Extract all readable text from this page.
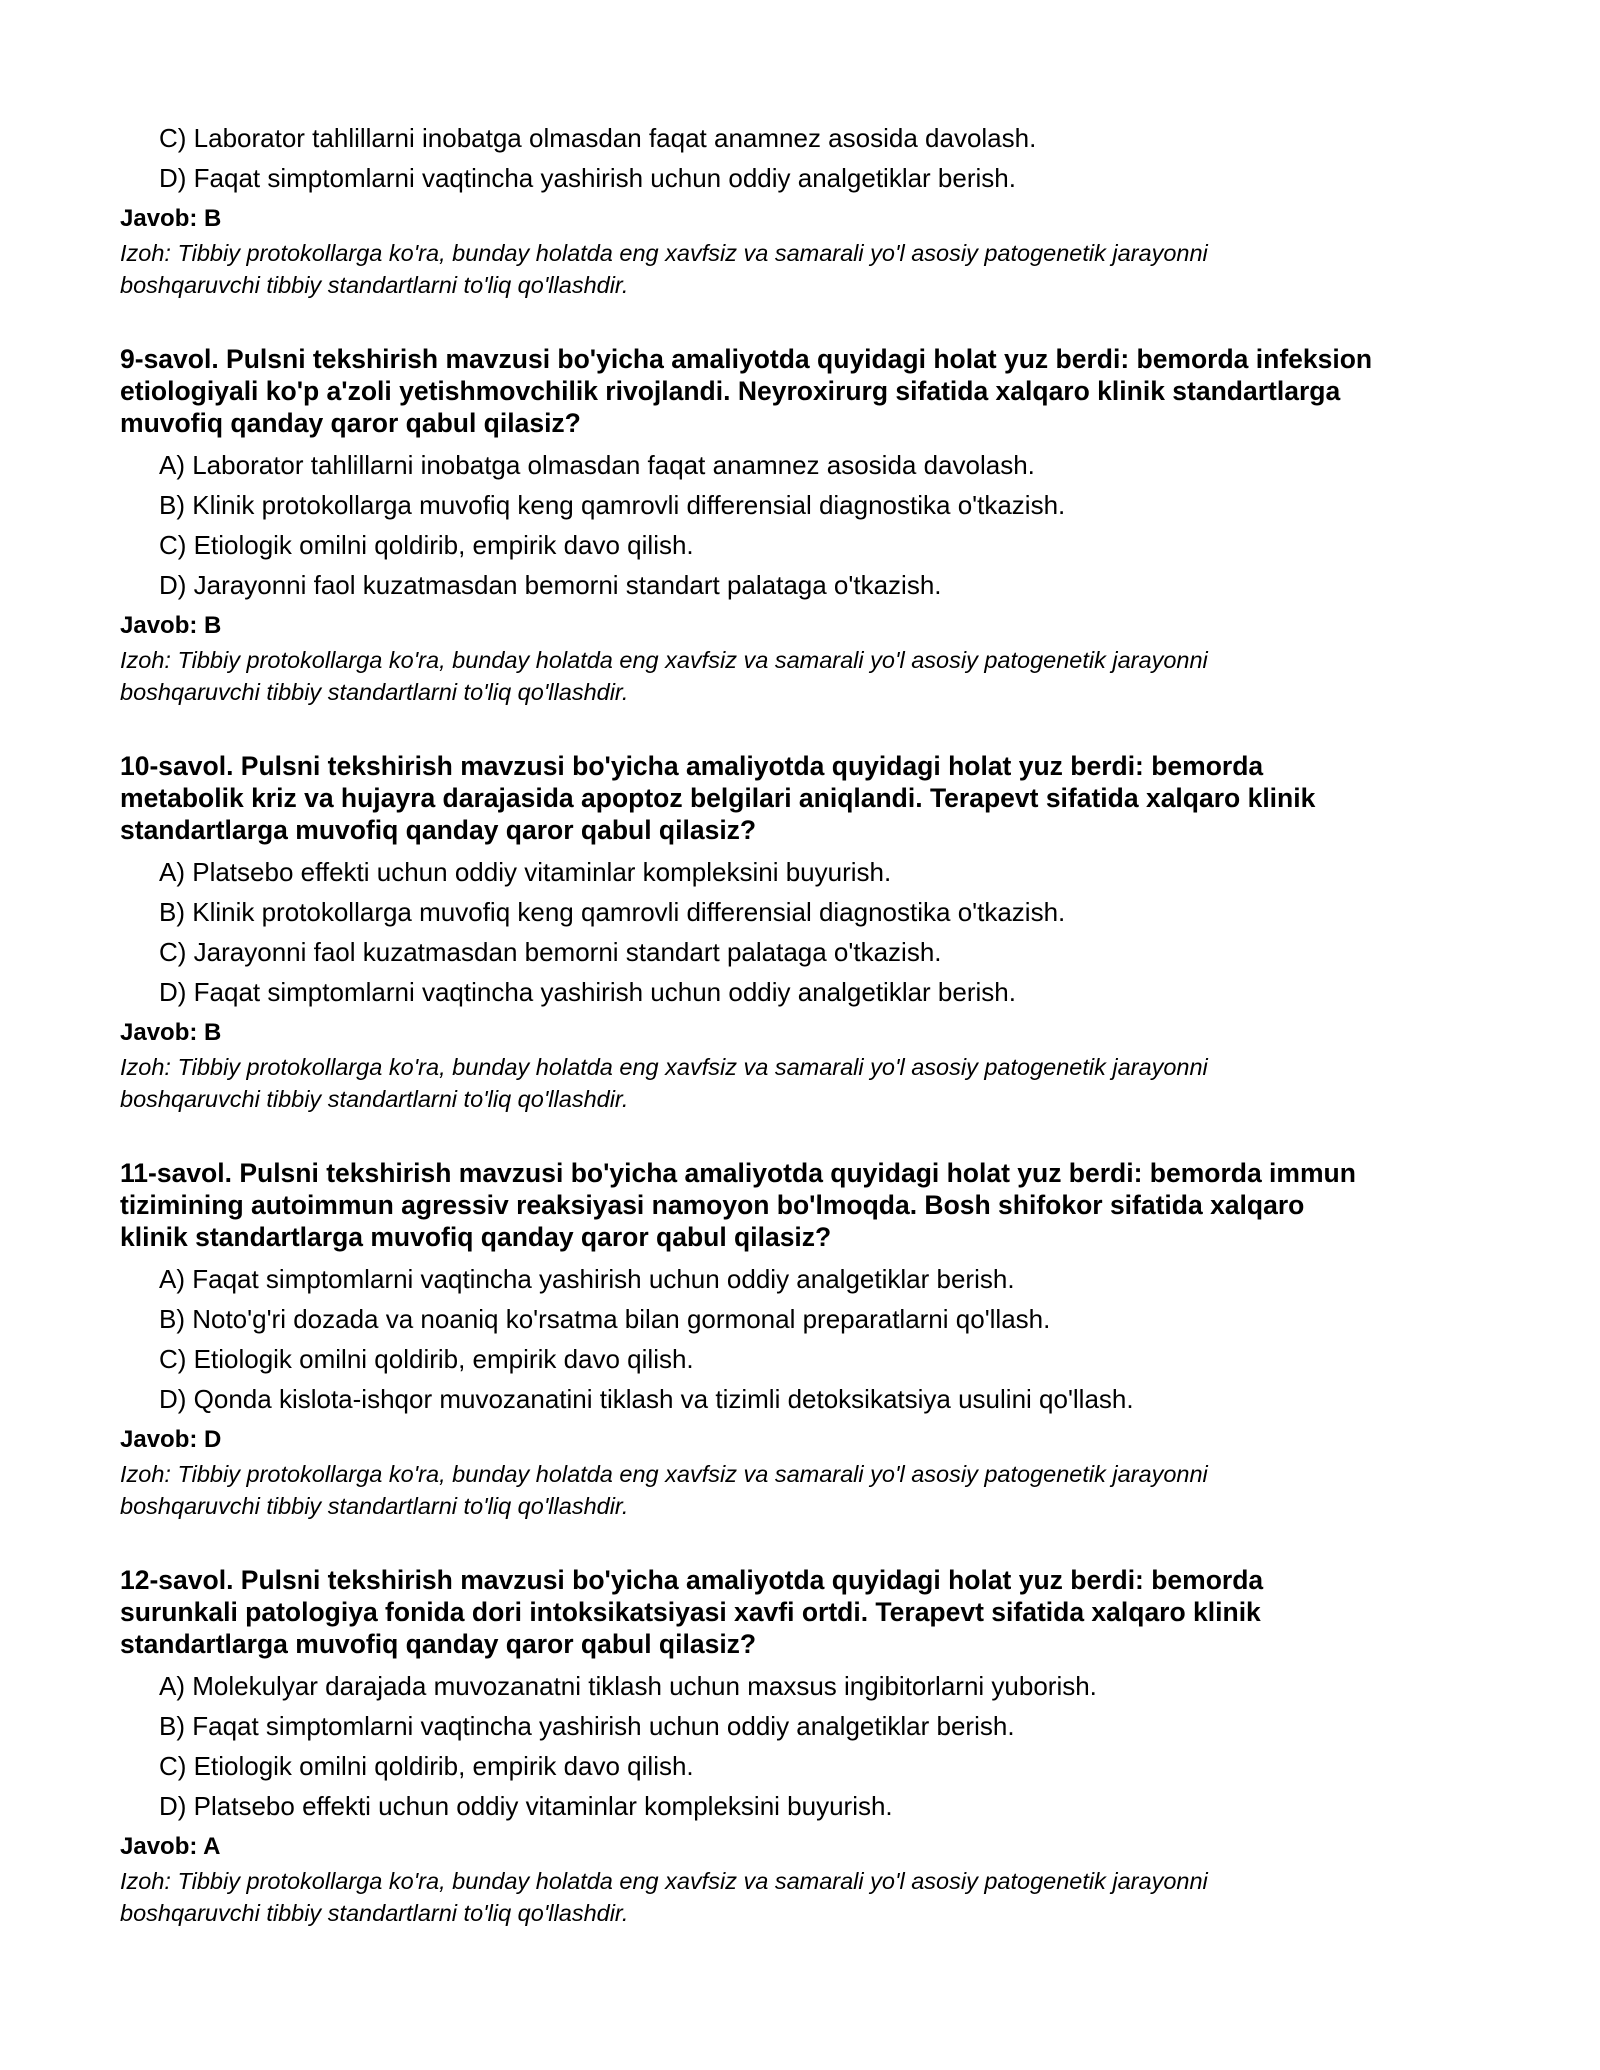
C) Laborator tahlillarni inobatga olmasdan faqat anamnez asosida davolash.
D) Faqat simptomlarni vaqtincha yashirish uchun oddiy analgetiklar berish.
Javob: B
Izoh: Tibbiy protokollarga ko'ra, bunday holatda eng xavfsiz va samarali yo'l asosiy patogenetik jarayonni
boshqaruvchi tibbiy standartlarni to'liq qo'llashdir.
9-savol. Pulsni tekshirish mavzusi bo'yicha amaliyotda quyidagi holat yuz berdi: bemorda infeksion
etiologiyali ko'p a'zoli yetishmovchilik rivojlandi. Neyroxirurg sifatida xalqaro klinik standartlarga
muvofiq qanday qaror qabul qilasiz?
A) Laborator tahlillarni inobatga olmasdan faqat anamnez asosida davolash.
B) Klinik protokollarga muvofiq keng qamrovli differensial diagnostika o'tkazish.
C) Etiologik omilni qoldirib, empirik davo qilish.
D) Jarayonni faol kuzatmasdan bemorni standart palataga o'tkazish.
Javob: B
Izoh: Tibbiy protokollarga ko'ra, bunday holatda eng xavfsiz va samarali yo'l asosiy patogenetik jarayonni
boshqaruvchi tibbiy standartlarni to'liq qo'llashdir.
10-savol. Pulsni tekshirish mavzusi bo'yicha amaliyotda quyidagi holat yuz berdi: bemorda
metabolik kriz va hujayra darajasida apoptoz belgilari aniqlandi. Terapevt sifatida xalqaro klinik
standartlarga muvofiq qanday qaror qabul qilasiz?
A) Platsebo effekti uchun oddiy vitaminlar kompleksini buyurish.
B) Klinik protokollarga muvofiq keng qamrovli differensial diagnostika o'tkazish.
C) Jarayonni faol kuzatmasdan bemorni standart palataga o'tkazish.
D) Faqat simptomlarni vaqtincha yashirish uchun oddiy analgetiklar berish.
Javob: B
Izoh: Tibbiy protokollarga ko'ra, bunday holatda eng xavfsiz va samarali yo'l asosiy patogenetik jarayonni
boshqaruvchi tibbiy standartlarni to'liq qo'llashdir.
11-savol. Pulsni tekshirish mavzusi bo'yicha amaliyotda quyidagi holat yuz berdi: bemorda immun
tizimining autoimmun agressiv reaksiyasi namoyon bo'lmoqda. Bosh shifokor sifatida xalqaro
klinik standartlarga muvofiq qanday qaror qabul qilasiz?
A) Faqat simptomlarni vaqtincha yashirish uchun oddiy analgetiklar berish.
B) Noto'g'ri dozada va noaniq ko'rsatma bilan gormonal preparatlarni qo'llash.
C) Etiologik omilni qoldirib, empirik davo qilish.
D) Qonda kislota-ishqor muvozanatini tiklash va tizimli detoksikatsiya usulini qo'llash.
Javob: D
Izoh: Tibbiy protokollarga ko'ra, bunday holatda eng xavfsiz va samarali yo'l asosiy patogenetik jarayonni
boshqaruvchi tibbiy standartlarni to'liq qo'llashdir.
12-savol. Pulsni tekshirish mavzusi bo'yicha amaliyotda quyidagi holat yuz berdi: bemorda
surunkali patologiya fonida dori intoksikatsiyasi xavfi ortdi. Terapevt sifatida xalqaro klinik
standartlarga muvofiq qanday qaror qabul qilasiz?
A) Molekulyar darajada muvozanatni tiklash uchun maxsus ingibitorlarni yuborish.
B) Faqat simptomlarni vaqtincha yashirish uchun oddiy analgetiklar berish.
C) Etiologik omilni qoldirib, empirik davo qilish.
D) Platsebo effekti uchun oddiy vitaminlar kompleksini buyurish.
Javob: A
Izoh: Tibbiy protokollarga ko'ra, bunday holatda eng xavfsiz va samarali yo'l asosiy patogenetik jarayonni
boshqaruvchi tibbiy standartlarni to'liq qo'llashdir.
